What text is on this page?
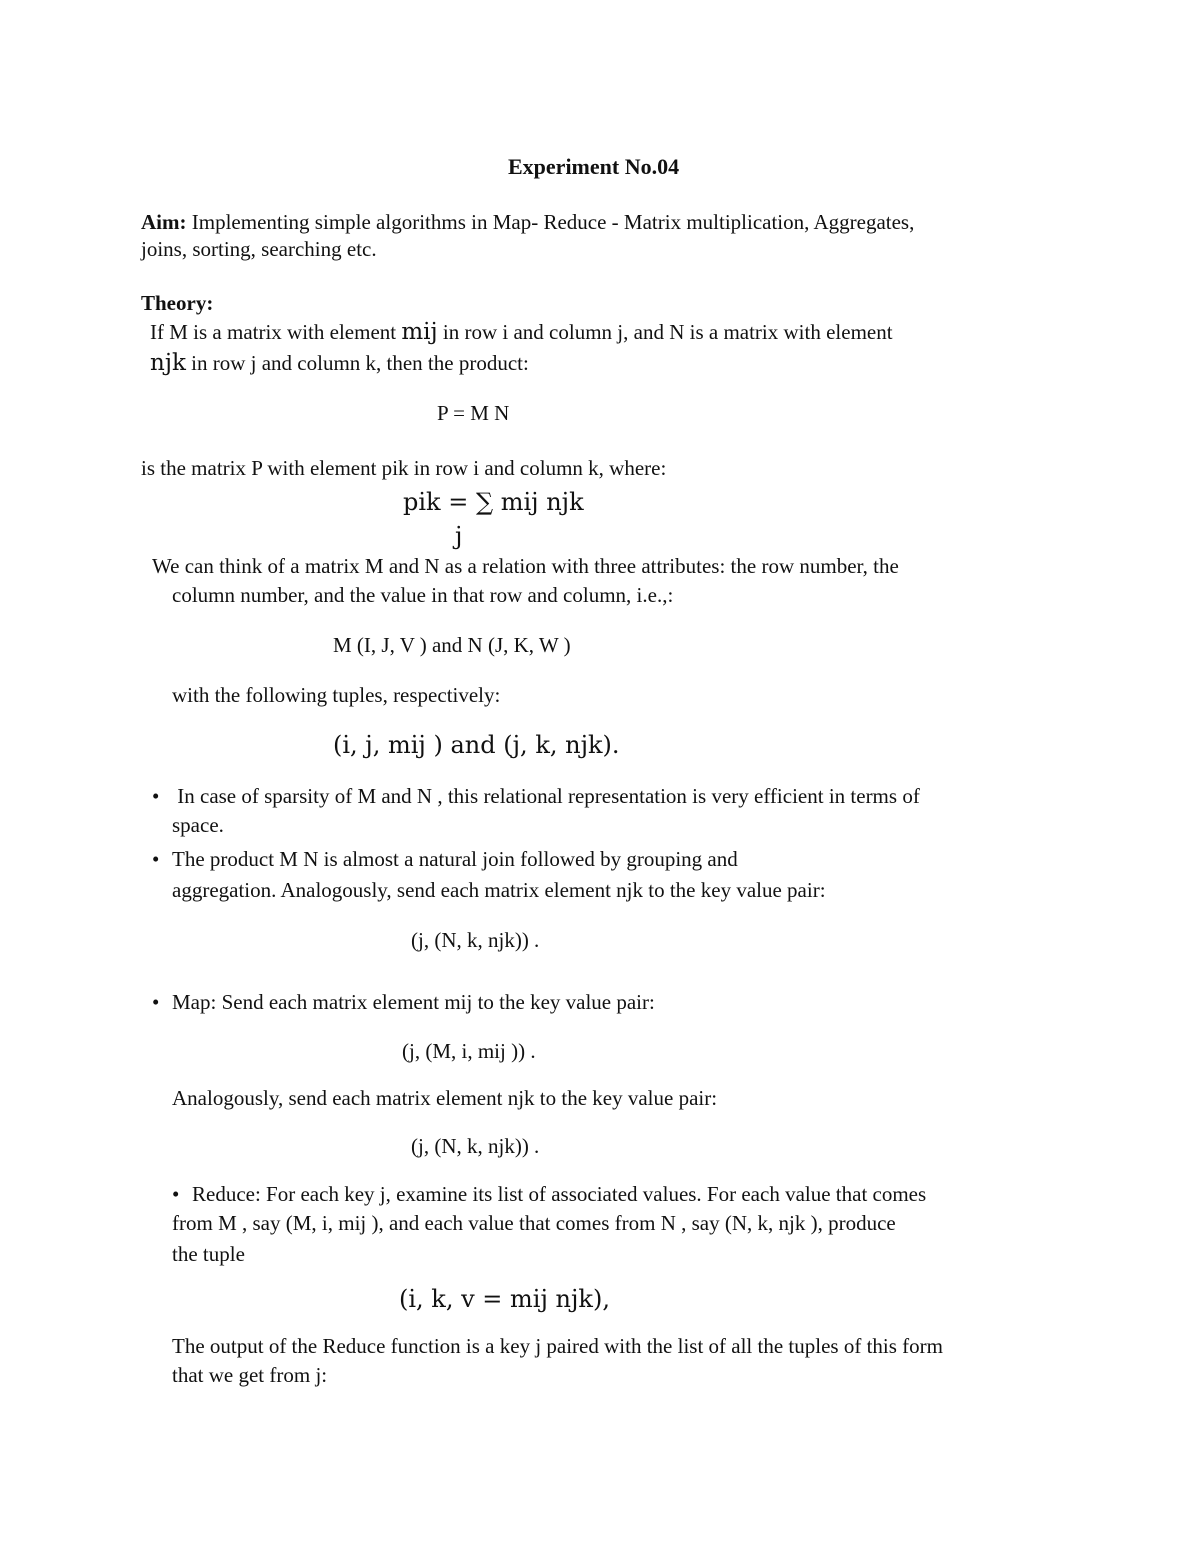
Experiment No.04
Aim: Implementing simple algorithms in Map- Reduce - Matrix multiplication, Aggregates,
joins, sorting, searching etc.
Theory:
If M is a matrix with element mij in row i and column j, and N is a matrix with element
njk in row j and column k, then the product:
P = M N
is the matrix P with element pik in row i and column k, where:
pik = ∑ mij njk
j
We can think of a matrix M and N as a relation with three attributes: the row number, the
column number, and the value in that row and column, i.e.,:
M (I, J, V ) and N (J, K, W )
with the following tuples, respectively:
(i, j, mij ) and (j, k, njk).
• In case of sparsity of M and N , this relational representation is very efficient in terms of
space.
• The product M N is almost a natural join followed by grouping and
aggregation. Analogously, send each matrix element njk to the key value pair:
(j, (N, k, njk)) .
• Map: Send each matrix element mij to the key value pair:
(j, (M, i, mij )) .
Analogously, send each matrix element njk to the key value pair:
(j, (N, k, njk)) .
• Reduce: For each key j, examine its list of associated values. For each value that comes
from M , say (M, i, mij ), and each value that comes from N , say (N, k, njk ), produce
the tuple
(i, k, v = mij njk),
The output of the Reduce function is a key j paired with the list of all the tuples of this form
that we get from j:
